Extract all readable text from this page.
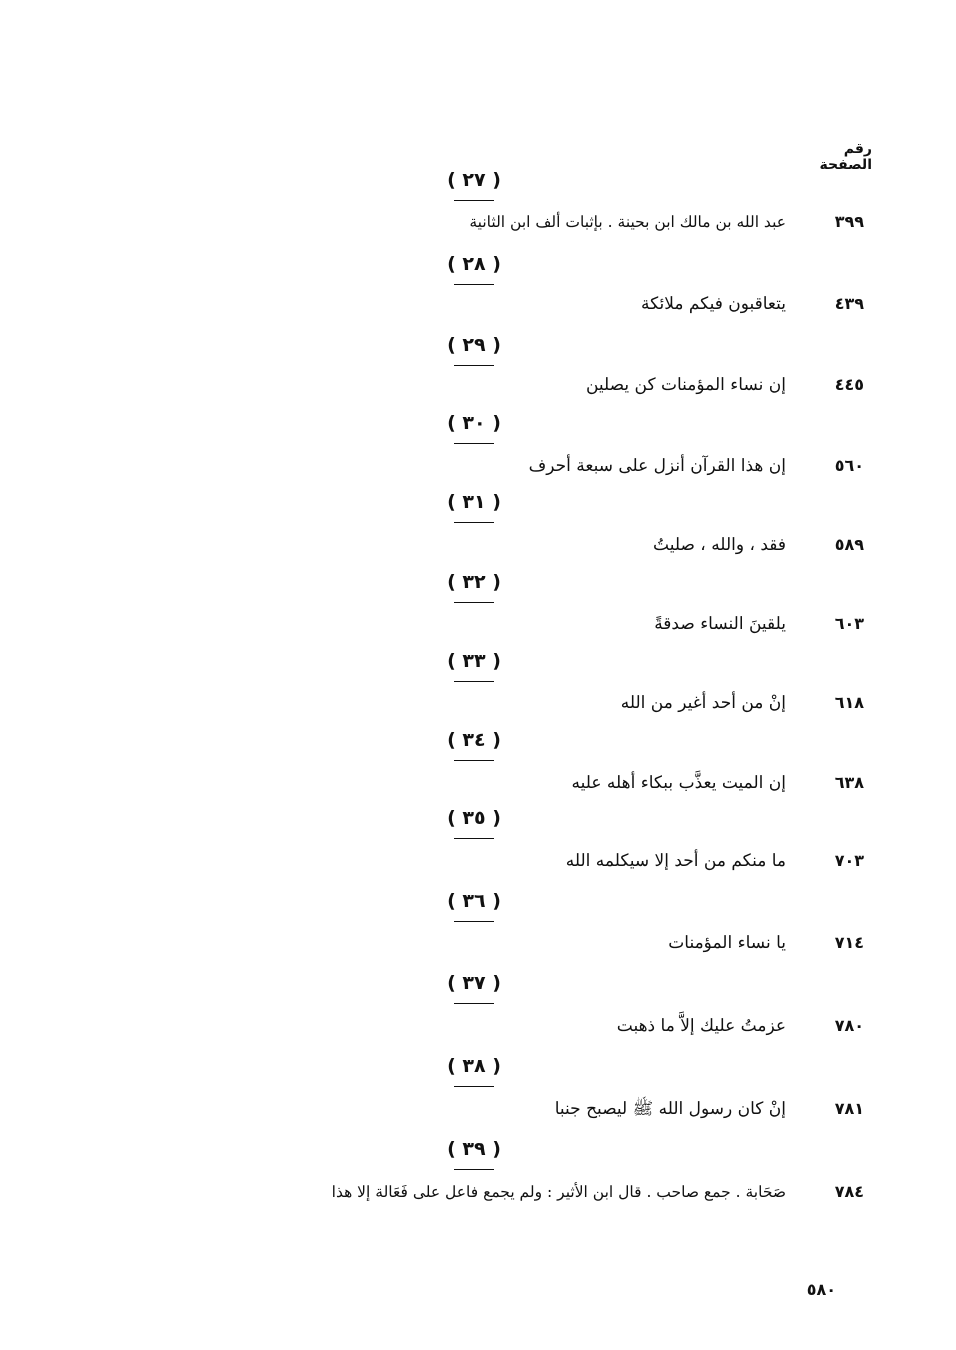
رقم الصفحة
( ٢٧ )
٣٩٩
عبد الله بن مالك ابن بحينة . بإثبات ألف ابن الثانية
( ٢٨ )
٤٣٩
يتعاقبون فيكم ملائكة
( ٢٩ )
٤٤٥
إن نساء المؤمنات كن يصلين
( ٣٠ )
٥٦٠
إن هذا القرآن أنزل على سبعة أحرف
( ٣١ )
٥٨٩
فقد ، والله ، صليتُ
( ٣٢ )
٦٠٣
يلقينَ النساء صدقةً
( ٣٣ )
٦١٨
إنْ من أحد أغير من الله
( ٣٤ )
٦٣٨
إن الميت يعذَّب ببكاء أهله عليه
( ٣٥ )
٧٠٣
ما منكم من أحد إلا سيكلمه الله
( ٣٦ )
٧١٤
يا نساء المؤمنات
( ٣٧ )
٧٨٠
عزمتُ عليك إلاَّ ما ذهبت
( ٣٨ )
٧٨١
إنْ كان رسول الله ﷺ ليصبح جنبا
( ٣٩ )
٧٨٤
صَحَابة . جمع صاحب . قال ابن الأثير : ولم يجمع فاعل على فَعَالة إلا هذا
٥٨٠
